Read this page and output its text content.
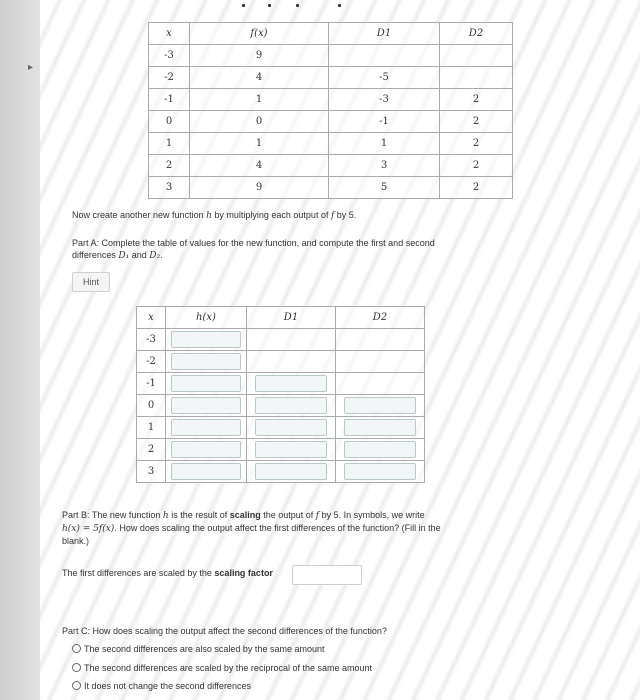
▸
x	f(x)	D1	D2
-3	9		
-2	4	-5	
-1	1	-3	2
0	0	-1	2
1	1	1	2
2	4	3	2
3	9	5	2
Now create another new function h by multiplying each output of f by 5.
Part A: Complete the table of values for the new function, and compute the first and second
differences D₁ and D₂.
Hint
x	h(x)	D1	D2
-3	

-2	

-1	

0	

1	

2	

3	

Part B: The new function h is the result of scaling the output of f by 5. In symbols, we write
h(x) = 5f(x). How does scaling the output affect the first differences of the function? (Fill in the
blank.)
The first differences are scaled by the scaling factor
Part C: How does scaling the output affect the second differences of the function?
The second differences are also scaled by the same amount
The second differences are scaled by the reciprocal of the same amount
It does not change the second differences
